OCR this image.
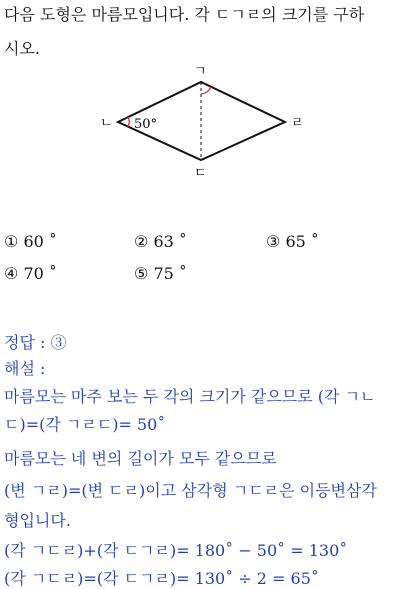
다음 도형은 마름모입니다. 각 ㄷㄱㄹ의 크기를 구하
시오.
ㄱ
ㄴ	ㄹ
ㄷ
50°
① 60 ˚	② 63 ˚	③ 65 ˚
④ 70 ˚	⑤ 75 ˚
정답 : ③
해설 :
마름모는 마주 보는 두 각의 크기가 같으므로 (각 ㄱㄴ
ㄷ)=(각 ㄱㄹㄷ)= 50˚
마름모는 네 변의 길이가 모두 같으므로
(변 ㄱㄹ)=(변 ㄷㄹ)이고 삼각형 ㄱㄷㄹ은 이등변삼각
형입니다.
(각 ㄱㄷㄹ)+(각 ㄷㄱㄹ)= 180˚ − 50˚ = 130˚
(각 ㄱㄷㄹ)=(각 ㄷㄱㄹ)= 130˚ ÷ 2 = 65˚
